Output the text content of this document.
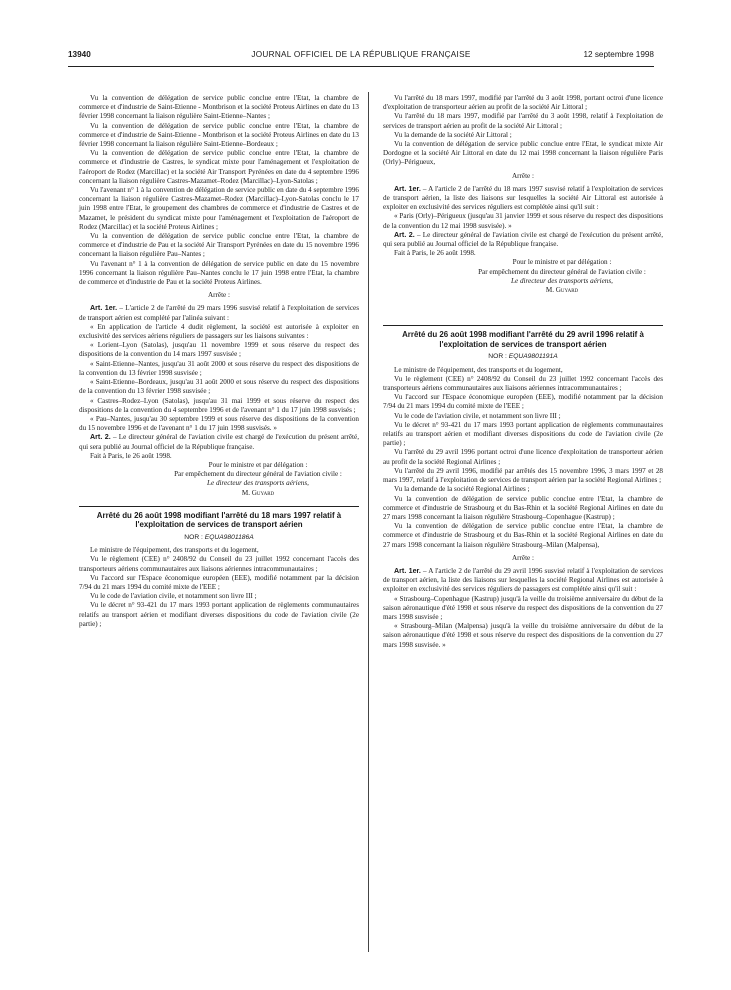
13940	JOURNAL OFFICIEL DE LA RÉPUBLIQUE FRANÇAISE	12 septembre 1998

Vu la convention de délégation de service public conclue entre l'Etat, la chambre de commerce et d'industrie de Saint-Etienne - Montbrison et la société Proteus Airlines en date du 13 février 1998 concernant la liaison régulière Saint-Etienne–Nantes ;

Vu la convention de délégation de service public conclue entre l'Etat, la chambre de commerce et d'industrie de Saint-Etienne - Montbrison et la société Proteus Airlines en date du 13 février 1998 concernant la liaison régulière Saint-Etienne–Bordeaux ;

Vu la convention de délégation de service public conclue entre l'Etat, la chambre de commerce et d'industrie de Castres, le syndicat mixte pour l'aménagement et l'exploitation de l'aéroport de Rodez (Marcillac) et la société Air Transport Pyrénées en date du 4 septembre 1996 concernant la liaison régulière Castres-Mazamet–Rodez (Marcillac)–Lyon-Satolas ;

Vu l'avenant n° 1 à la convention de délégation de service public en date du 4 septembre 1996 concernant la liaison régulière Castres-Mazamet–Rodez (Marcillac)–Lyon-Satolas conclu le 17 juin 1998 entre l'Etat, le groupement des chambres de commerce et d'industrie de Castres et de Mazamet, le président du syndicat mixte pour l'aménagement et l'exploitation de l'aéroport de Rodez (Marcillac) et la société Proteus Airlines ;

Vu la convention de délégation de service public conclue entre l'Etat, la chambre de commerce et d'industrie de Pau et la société Air Transport Pyrénées en date du 15 novembre 1996 concernant la liaison régulière Pau–Nantes ;

Vu l'avenant n° 1 à la convention de délégation de service public en date du 15 novembre 1996 concernant la liaison régulière Pau–Nantes conclu le 17 juin 1998 entre l'Etat, la chambre de commerce et d'industrie de Pau et la société Proteus Airlines.

Arrête :

Art. 1er. – L'article 2 de l'arrêté du 29 mars 1996 susvisé relatif à l'exploitation de services de transport aérien est complété par l'alinéa suivant :

« En application de l'article 4 dudit règlement, la société est autorisée à exploiter en exclusivité des services aériens réguliers de passagers sur les liaisons suivantes :

« Lorient–Lyon (Satolas), jusqu'au 11 novembre 1999 et sous réserve du respect des dispositions de la convention du 14 mars 1997 susvisée ;

« Saint-Etienne–Nantes, jusqu'au 31 août 2000 et sous réserve du respect des dispositions de la convention du 13 février 1998 susvisée ;

« Saint-Etienne–Bordeaux, jusqu'au 31 août 2000 et sous réserve du respect des dispositions de la convention du 13 février 1998 susvisée ;

« Castres–Rodez–Lyon (Satolas), jusqu'au 31 mai 1999 et sous réserve du respect des dispositions de la convention du 4 septembre 1996 et de l'avenant n° 1 du 17 juin 1998 susvisés ;

« Pau–Nantes, jusqu'au 30 septembre 1999 et sous réserve des dispositions de la convention du 15 novembre 1996 et de l'avenant n° 1 du 17 juin 1998 susvisés. »

Art. 2. – Le directeur général de l'aviation civile est chargé de l'exécution du présent arrêté, qui sera publié au Journal officiel de la République française.

Fait à Paris, le 26 août 1998.

Pour le ministre et par délégation :

Par empêchement du directeur général de l'aviation civile :

Le directeur des transports aériens,

M. Guyard

Arrêté du 26 août 1998 modifiant l'arrêté du 18 mars 1997 relatif à l'exploitation de services de transport aérien

NOR : EQUA9801186A

Le ministre de l'équipement, des transports et du logement,

Vu le règlement (CEE) n° 2408/92 du Conseil du 23 juillet 1992 concernant l'accès des transporteurs aériens communautaires aux liaisons aériennes intracommunautaires ;

Vu l'accord sur l'Espace économique européen (EEE), modifié notamment par la décision 7/94 du 21 mars 1994 du comité mixte de l'EEE ;

Vu le code de l'aviation civile, et notamment son livre III ;

Vu le décret n° 93-421 du 17 mars 1993 portant application de règlements communautaires relatifs au transport aérien et modifiant diverses dispositions du code de l'aviation civile (2e partie) ;

Vu l'arrêté du 18 mars 1997, modifié par l'arrêté du 3 août 1998, portant octroi d'une licence d'exploitation de transporteur aérien au profit de la société Air Littoral ;

Vu l'arrêté du 18 mars 1997, modifié par l'arrêté du 3 août 1998, relatif à l'exploitation de services de transport aérien au profit de la société Air Littoral ;

Vu la demande de la société Air Littoral ;

Vu la convention de délégation de service public conclue entre l'Etat, le syndicat mixte Air Dordogne et la société Air Littoral en date du 12 mai 1998 concernant la liaison régulière Paris (Orly)–Périgueux,

Arrête :

Art. 1er. – A l'article 2 de l'arrêté du 18 mars 1997 susvisé relatif à l'exploitation de services de transport aérien, la liste des liaisons sur lesquelles la société Air Littoral est autorisée à exploiter en exclusivité des services réguliers est complétée ainsi qu'il suit :

« Paris (Orly)–Périgueux (jusqu'au 31 janvier 1999 et sous réserve du respect des dispositions de la convention du 12 mai 1998 susvisée). »

Art. 2. – Le directeur général de l'aviation civile est chargé de l'exécution du présent arrêté, qui sera publié au Journal officiel de la République française.

Fait à Paris, le 26 août 1998.

Pour le ministre et par délégation :

Par empêchement du directeur général de l'aviation civile :

Le directeur des transports aériens,

M. Guyard

Arrêté du 26 août 1998 modifiant l'arrêté du 29 avril 1996 relatif à l'exploitation de services de transport aérien

NOR : EQUA9801191A

Le ministre de l'équipement, des transports et du logement,

Vu le règlement (CEE) n° 2408/92 du Conseil du 23 juillet 1992 concernant l'accès des transporteurs aériens communautaires aux liaisons aériennes intracommunautaires ;

Vu l'accord sur l'Espace économique européen (EEE), modifié notamment par la décision 7/94 du 21 mars 1994 du comité mixte de l'EEE ;

Vu le code de l'aviation civile, et notamment son livre III ;

Vu le décret n° 93-421 du 17 mars 1993 portant application de règlements communautaires relatifs au transport aérien et modifiant diverses dispositions du code de l'aviation civile (2e partie) ;

Vu l'arrêté du 29 avril 1996 portant octroi d'une licence d'exploitation de transporteur aérien au profit de la société Regional Airlines ;

Vu l'arrêté du 29 avril 1996, modifié par arrêtés des 15 novembre 1996, 3 mars 1997 et 28 mars 1997, relatif à l'exploitation de services de transport aérien par la société Regional Airlines ;

Vu la demande de la société Regional Airlines ;

Vu la convention de délégation de service public conclue entre l'Etat, la chambre de commerce et d'industrie de Strasbourg et du Bas-Rhin et la société Regional Airlines en date du 27 mars 1998 concernant la liaison régulière Strasbourg–Copenhague (Kastrup) ;

Vu la convention de délégation de service public conclue entre l'Etat, la chambre de commerce et d'industrie de Strasbourg et du Bas-Rhin et la société Regional Airlines en date du 27 mars 1998 concernant la liaison régulière Strasbourg–Milan (Malpensa),

Arrête :

Art. 1er. – A l'article 2 de l'arrêté du 29 avril 1996 susvisé relatif à l'exploitation de services de transport aérien, la liste des liaisons sur lesquelles la société Regional Airlines est autorisée à exploiter en exclusivité des services réguliers de passagers est complétée ainsi qu'il suit :

« Strasbourg–Copenhague (Kastrup) jusqu'à la veille du troisième anniversaire du début de la saison aéronautique d'été 1998 et sous réserve du respect des dispositions de la convention du 27 mars 1998 susvisée ;

« Strasbourg–Milan (Malpensa) jusqu'à la veille du troisième anniversaire du début de la saison aéronautique d'été 1998 et sous réserve du respect des dispositions de la convention du 27 mars 1998 susvisée. »
